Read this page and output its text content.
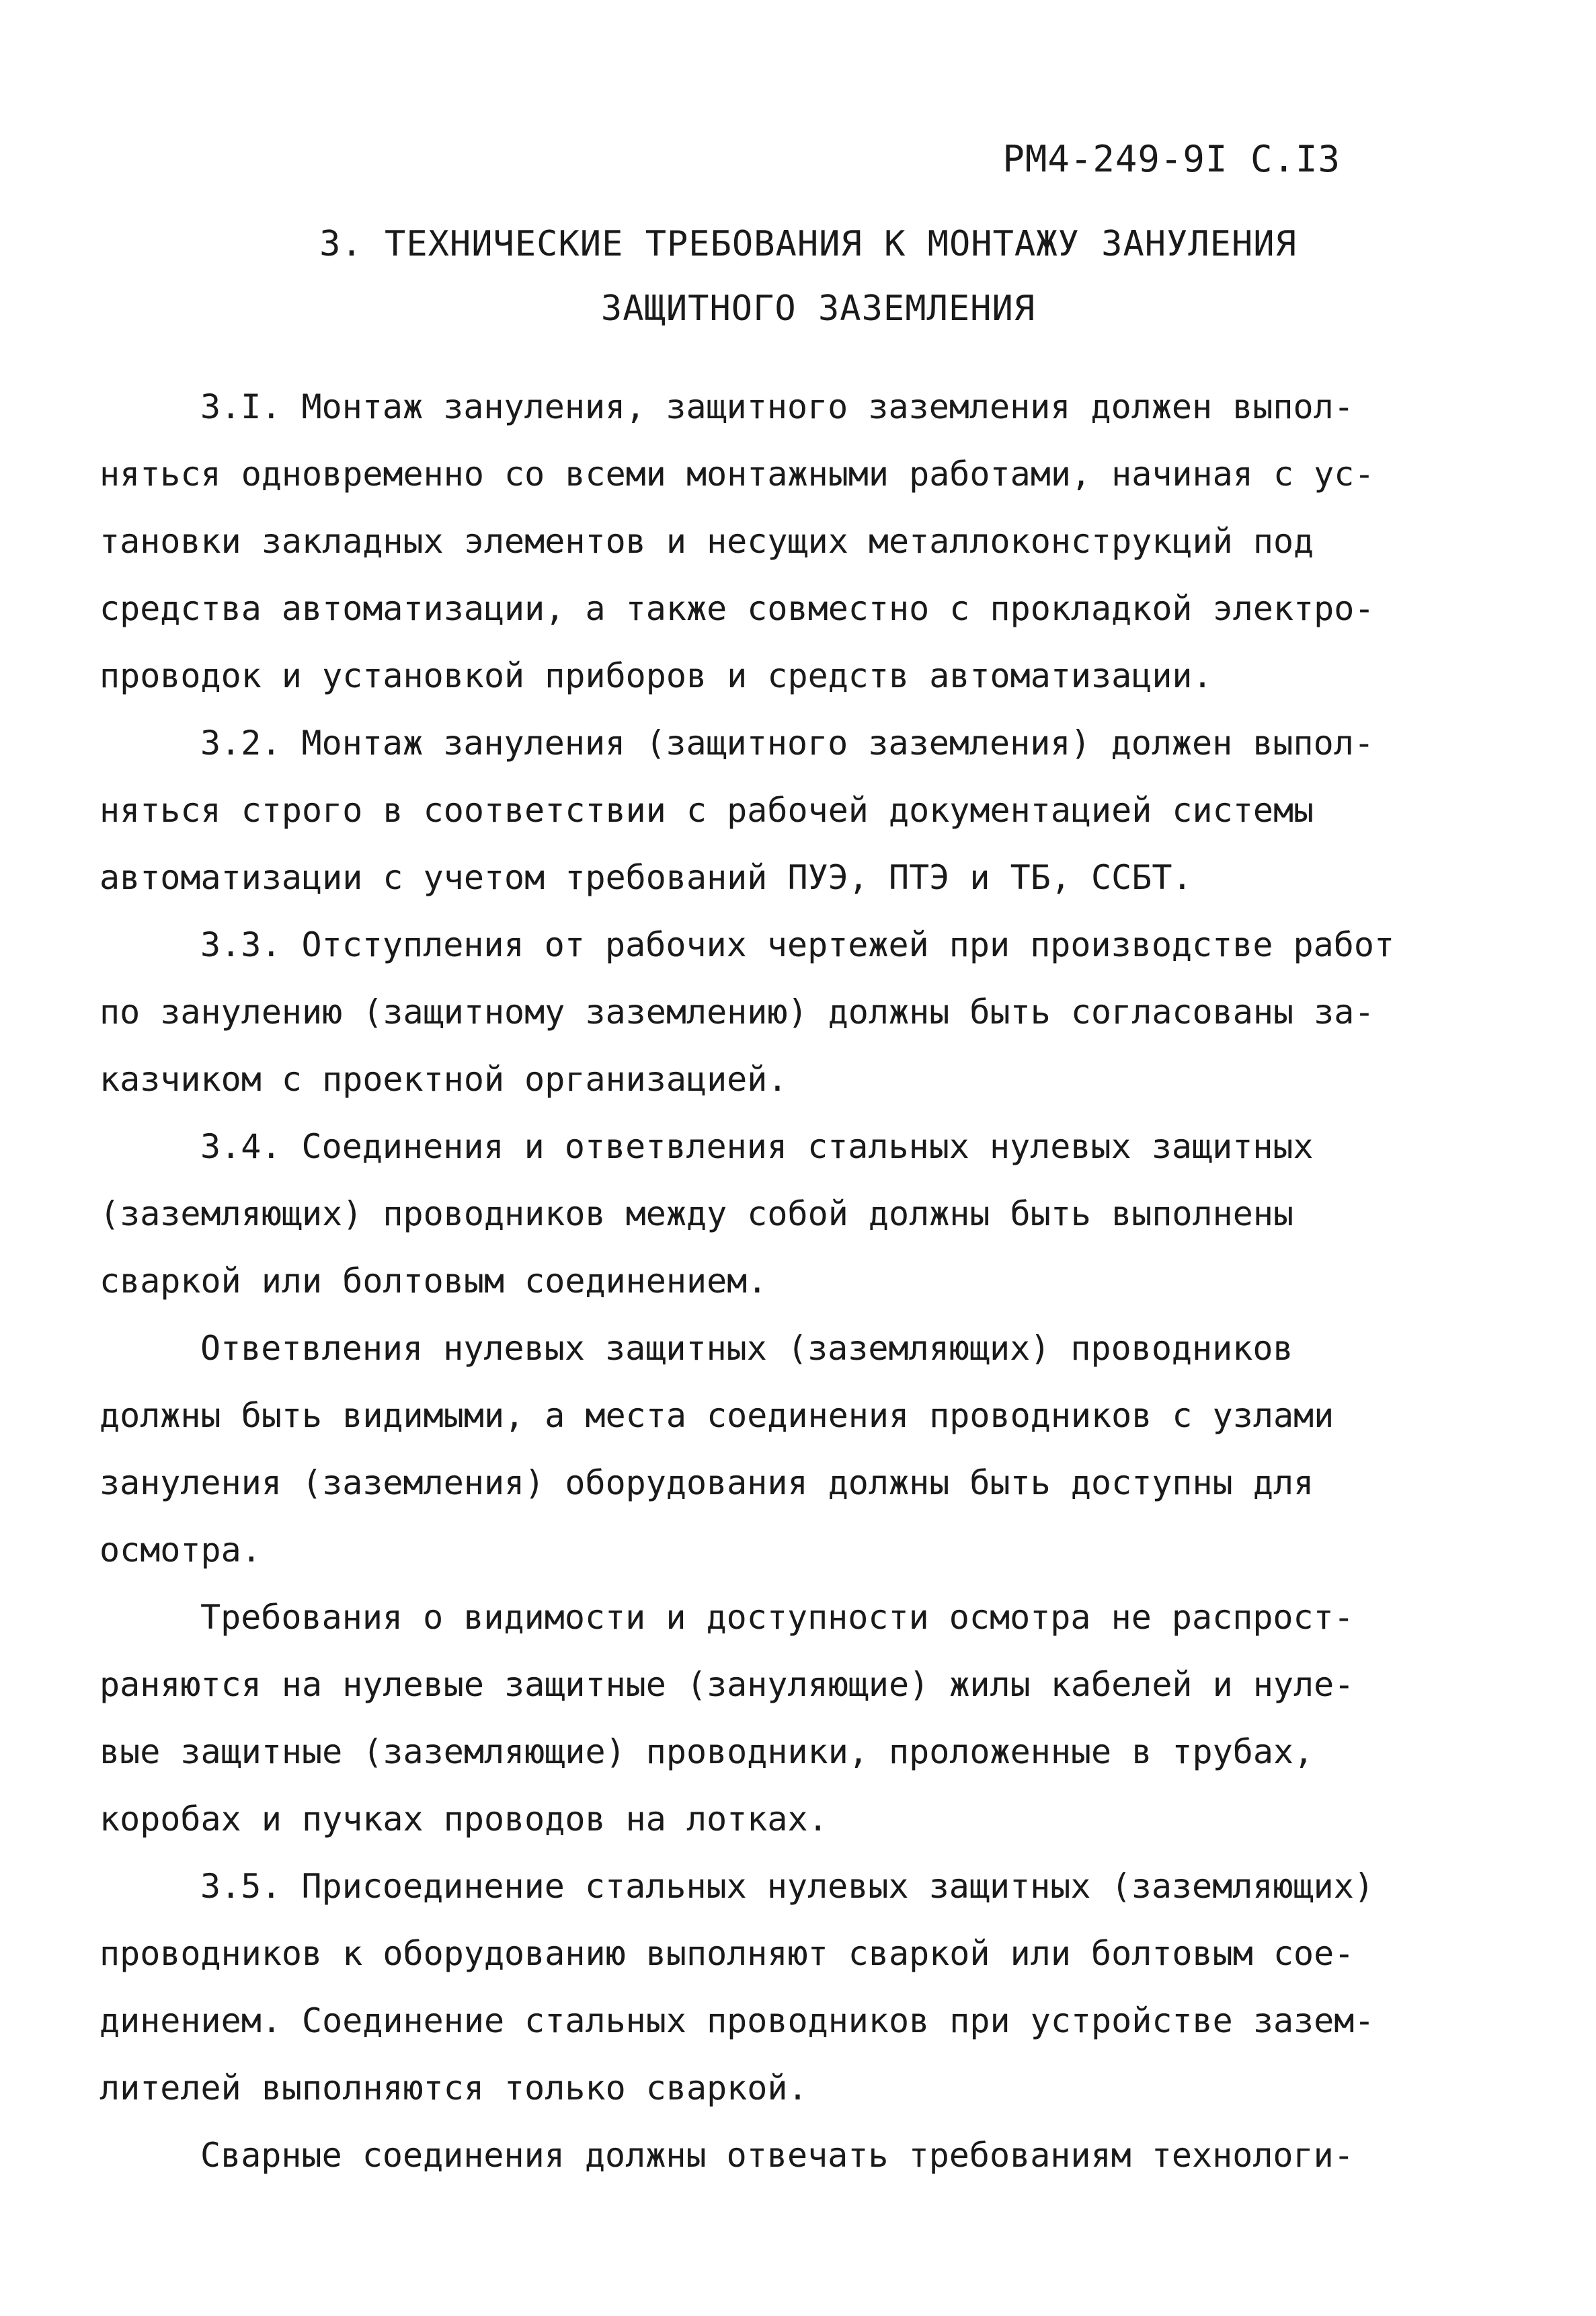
РМ4-249-9I С.I3
3. ТЕХНИЧЕСКИЕ ТРЕБОВАНИЯ К МОНТАЖУ ЗАНУЛЕНИЯ
ЗАЩИТНОГО ЗАЗЕМЛЕНИЯ
3.I. Монтаж зануления, защитного заземления должен выпол-
няться одновременно со всеми монтажными работами, начиная с ус-
тановки закладных элементов и несущих металлоконструкций под
средства автоматизации, а также совместно с прокладкой электро-
проводок и установкой приборов и средств автоматизации.
3.2. Монтаж зануления (защитного заземления) должен выпол-
няться строго в соответствии с рабочей документацией системы
автоматизации с учетом требований ПУЭ, ПТЭ и ТБ, ССБТ.
3.3. Отступления от рабочих чертежей при производстве работ
по занулению (защитному заземлению) должны быть согласованы за-
казчиком с проектной организацией.
3.4. Соединения и ответвления стальных нулевых защитных
(заземляющих) проводников между собой должны быть выполнены
сваркой или болтовым соединением.
Ответвления нулевых защитных (заземляющих) проводников
должны быть видимыми, а места соединения проводников с узлами
зануления (заземления) оборудования должны быть доступны для
осмотра.
Требования о видимости и доступности осмотра не распрост-
раняются на нулевые защитные (зануляющие) жилы кабелей и нуле-
вые защитные (заземляющие) проводники, проложенные в трубах,
коробах и пучках проводов на лотках.
3.5. Присоединение стальных нулевых защитных (заземляющих)
проводников к оборудованию выполняют сваркой или болтовым сое-
динением. Соединение стальных проводников при устройстве зазем-
лителей выполняются только сваркой.
Сварные соединения должны отвечать требованиям технологи-
